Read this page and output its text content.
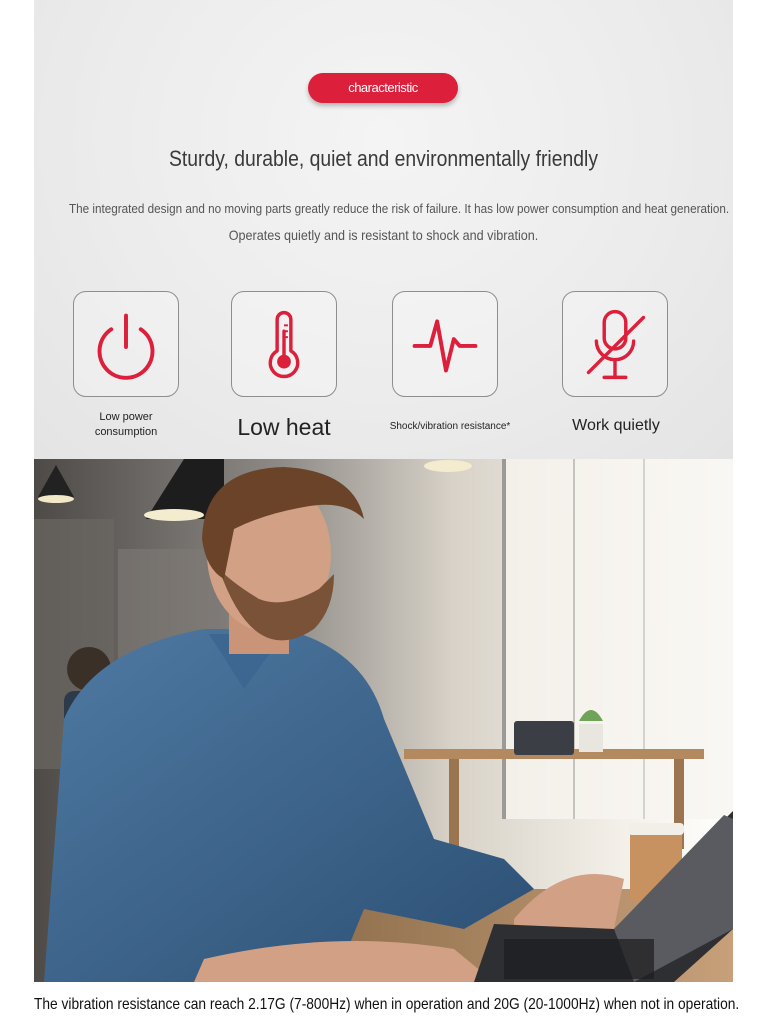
characteristic
Sturdy, durable, quiet and environmentally friendly
The integrated design and no moving parts greatly reduce the risk of failure. It has low power consumption and heat generation.
Operates quietly and is resistant to shock and vibration.
Low power
consumption	Low heat	Shock/vibration resistance*	Work quietly
The vibration resistance can reach 2.17G (7-800Hz) when in operation and 20G (20-1000Hz) when not in operation.
